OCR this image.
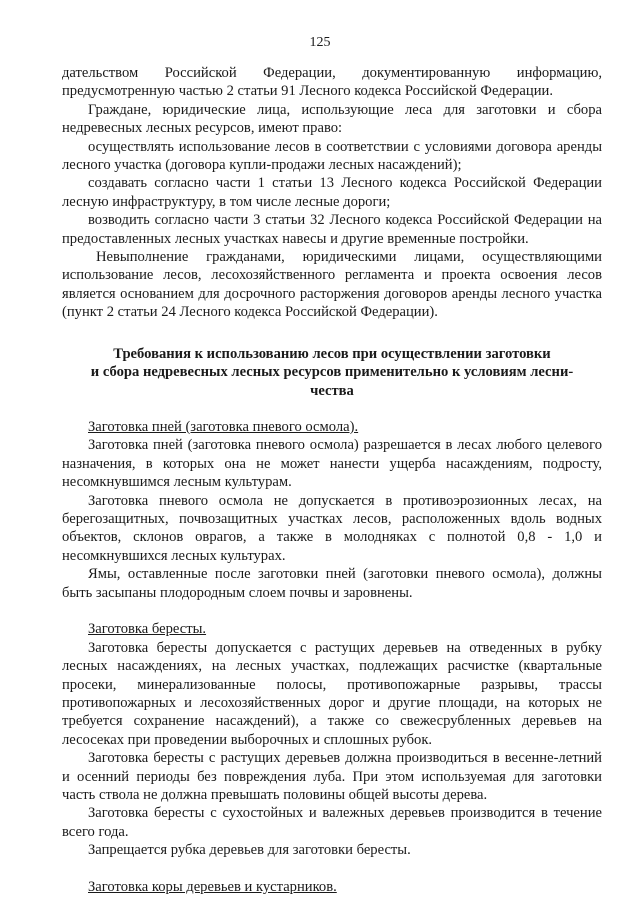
125

дательством Российской Федерации, документированную информацию, предусмотренную частью 2 статьи 91 Лесного кодекса Российской Федерации.

Граждане, юридические лица, использующие леса для заготовки и сбора недревесных лесных ресурсов, имеют право:

осуществлять использование лесов в соответствии с условиями договора аренды лесного участка (договора купли-продажи лесных насаждений);

создавать согласно части 1 статьи 13 Лесного кодекса Российской Федерации лесную инфраструктуру, в том числе лесные дороги;

возводить согласно части 3 статьи 32 Лесного кодекса Российской Федерации на предоставленных лесных участках навесы и другие временные постройки.

Невыполнение гражданами, юридическими лицами, осуществляющими использование лесов, лесохозяйственного регламента и проекта освоения лесов является основанием для досрочного расторжения договоров аренды лесного участка (пункт 2 статьи 24 Лесного кодекса Российской Федерации).

Требования к использованию лесов при осуществлении заготовки
и сбора недревесных лесных ресурсов применительно к условиям лесни-
чества

Заготовка пней (заготовка пневого осмола).

Заготовка пней (заготовка пневого осмола) разрешается в лесах любого целевого назначения, в которых она не может нанести ущерба насаждениям, подросту, несомкнувшимся лесным культурам.

Заготовка пневого осмола не допускается в противоэрозионных лесах, на берегозащитных, почвозащитных участках лесов, расположенных вдоль водных объектов, склонов оврагов, а также в молодняках с полнотой 0,8 - 1,0 и несомкнувшихся лесных культурах.

Ямы, оставленные после заготовки пней (заготовки пневого осмола), должны быть засыпаны плодородным слоем почвы и заровнены.

Заготовка бересты.

Заготовка бересты допускается с растущих деревьев на отведенных в рубку лесных насаждениях, на лесных участках, подлежащих расчистке (квартальные просеки, минерализованные полосы, противопожарные разрывы, трассы противопожарных и лесохозяйственных дорог и другие площади, на которых не требуется сохранение насаждений), а также со свежесрубленных деревьев на лесосеках при проведении выборочных и сплошных рубок.

Заготовка бересты с растущих деревьев должна производиться в весенне-летний и осенний периоды без повреждения луба. При этом используемая для заготовки часть ствола не должна превышать половины общей высоты дерева.

Заготовка бересты с сухостойных и валежных деревьев производится в течение всего года.

Запрещается рубка деревьев для заготовки бересты.

Заготовка коры деревьев и кустарников.
